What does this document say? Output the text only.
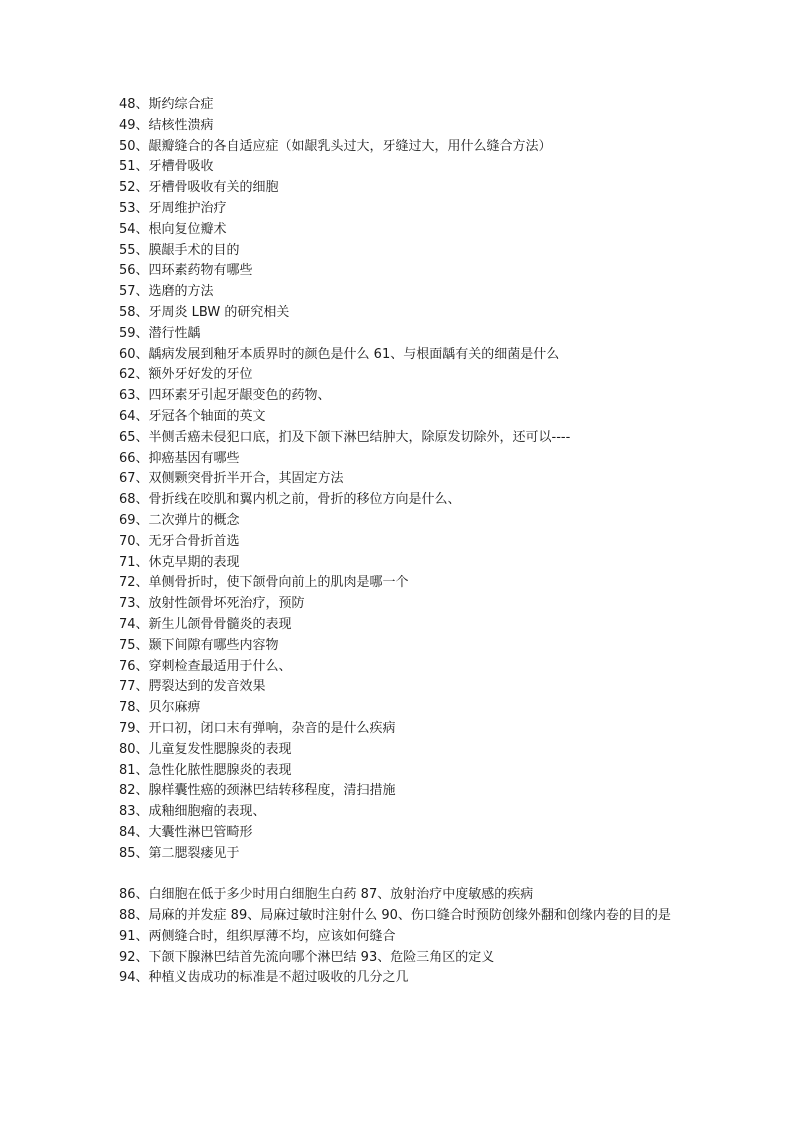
48、斯约综合症
49、结核性溃病
50、龈瓣缝合的各自适应症（如龈乳头过大，牙缝过大，用什么缝合方法）
51、牙槽骨吸收
52、牙槽骨吸收有关的细胞
53、牙周维护治疗
54、根向复位瓣术
55、膜龈手术的目的
56、四环素药物有哪些
57、选磨的方法
58、牙周炎 LBW 的研究相关
59、潜行性龋
60、龋病发展到釉牙本质界时的颜色是什么 61、与根面龋有关的细菌是什么
62、额外牙好发的牙位
63、四环素牙引起牙龈变色的药物、
64、牙冠各个轴面的英文
65、半侧舌癌未侵犯口底，扪及下颌下淋巴结肿大，除原发切除外，还可以----
66、抑癌基因有哪些
67、双侧颗突骨折半开合，其固定方法
68、骨折线在咬肌和翼内机之前，骨折的移位方向是什么、
69、二次弹片的概念
70、无牙合骨折首选
71、休克早期的表现
72、单侧骨折时，使下颌骨向前上的肌肉是哪一个
73、放射性颌骨坏死治疗，预防
74、新生儿颌骨骨髓炎的表现
75、颞下间隙有哪些内容物
76、穿刺检查最适用于什么、
77、腭裂达到的发音效果
78、贝尔麻痹
79、开口初，闭口末有弹响，杂音的是什么疾病
80、儿童复发性腮腺炎的表现
81、急性化脓性腮腺炎的表现
82、腺样囊性癌的颈淋巴结转移程度，清扫措施
83、成釉细胞瘤的表现、
84、大囊性淋巴管畸形
85、第二腮裂瘘见于
86、白细胞在低于多少时用白细胞生白药 87、放射治疗中度敏感的疾病
88、局麻的并发症 89、局麻过敏时注射什么 90、伤口缝合时预防创缘外翻和创缘内卷的目的是
91、两侧缝合时，组织厚薄不均，应该如何缝合
92、下颌下腺淋巴结首先流向哪个淋巴结 93、危险三角区的定义
94、种植义齿成功的标准是不超过吸收的几分之几
